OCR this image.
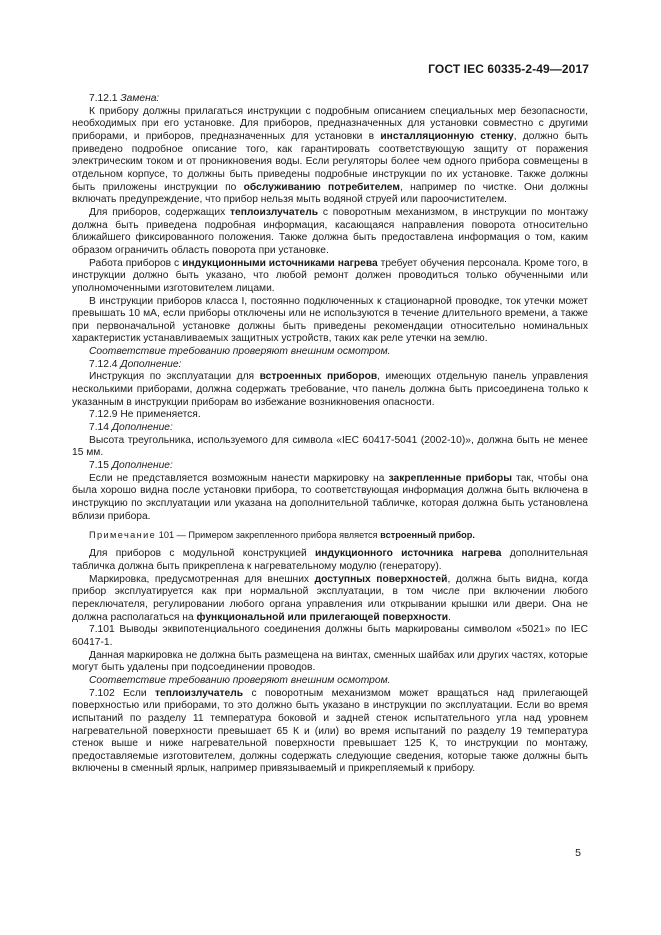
ГОСТ IEC 60335-2-49—2017

7.12.1 Замена:

К прибору должны прилагаться инструкции с подробным описанием специальных мер безопасности, необходимых при его установке. Для приборов, предназначенных для установки совместно с другими приборами, и приборов, предназначенных для установки в инсталляционную стенку, должно быть приведено подробное описание того, как гарантировать соответствующую защиту от поражения электрическим током и от проникновения воды. Если регуляторы более чем одного прибора совмещены в отдельном корпусе, то должны быть приведены подробные инструкции по их установке. Также должны быть приложены инструкции по обслуживанию потребителем, например по чистке. Они должны включать предупреждение, что прибор нельзя мыть водяной струей или пароочистителем.

Для приборов, содержащих теплоизлучатель с поворотным механизмом, в инструкции по монтажу должна быть приведена подробная информация, касающаяся направления поворота относительно ближайшего фиксированного положения. Также должна быть предоставлена информация о том, каким образом ограничить область поворота при установке.

Работа приборов с индукционными источниками нагрева требует обучения персонала. Кроме того, в инструкции должно быть указано, что любой ремонт должен проводиться только обученными или уполномоченными изготовителем лицами.

В инструкции приборов класса I, постоянно подключенных к стационарной проводке, ток утечки может превышать 10 мА, если приборы отключены или не используются в течение длительного времени, а также при первоначальной установке должны быть приведены рекомендации относительно номинальных характеристик устанавливаемых защитных устройств, таких как реле утечки на землю.

Соответствие требованию проверяют внешним осмотром.

7.12.4 Дополнение:

Инструкция по эксплуатации для встроенных приборов, имеющих отдельную панель управления несколькими приборами, должна содержать требование, что панель должна быть присоединена только к указанным в инструкции приборам во избежание возникновения опасности.

7.12.9 Не применяется.

7.14 Дополнение:

Высота треугольника, используемого для символа «IEC 60417-5041 (2002-10)», должна быть не менее 15 мм.

7.15 Дополнение:

Если не представляется возможным нанести маркировку на закрепленные приборы так, чтобы она была хорошо видна после установки прибора, то соответствующая информация должна быть включена в инструкцию по эксплуатации или указана на дополнительной табличке, которая должна быть установлена вблизи прибора.

Примечание 101 — Примером закрепленного прибора является встроенный прибор.

Для приборов с модульной конструкцией индукционного источника нагрева дополнительная табличка должна быть прикреплена к нагревательному модулю (генератору).

Маркировка, предусмотренная для внешних доступных поверхностей, должна быть видна, когда прибор эксплуатируется как при нормальной эксплуатации, в том числе при включении любого переключателя, регулировании любого органа управления или открывании крышки или двери. Она не должна располагаться на функциональной или прилегающей поверхности.

7.101 Выводы эквипотенциального соединения должны быть маркированы символом «5021» по IEC 60417-1.

Данная маркировка не должна быть размещена на винтах, сменных шайбах или других частях, которые могут быть удалены при подсоединении проводов.

Соответствие требованию проверяют внешним осмотром.

7.102 Если теплоизлучатель с поворотным механизмом может вращаться над прилегающей поверхностью или приборами, то это должно быть указано в инструкции по эксплуатации. Если во время испытаний по разделу 11 температура боковой и задней стенок испытательного угла над уровнем нагревательной поверхности превышает 65 К и (или) во время испытаний по разделу 19 температура стенок выше и ниже нагревательной поверхности превышает 125 К, то инструкции по монтажу, предоставляемые изготовителем, должны содержать следующие сведения, которые также должны быть включены в сменный ярлык, например привязываемый и прикрепляемый к прибору.

5
